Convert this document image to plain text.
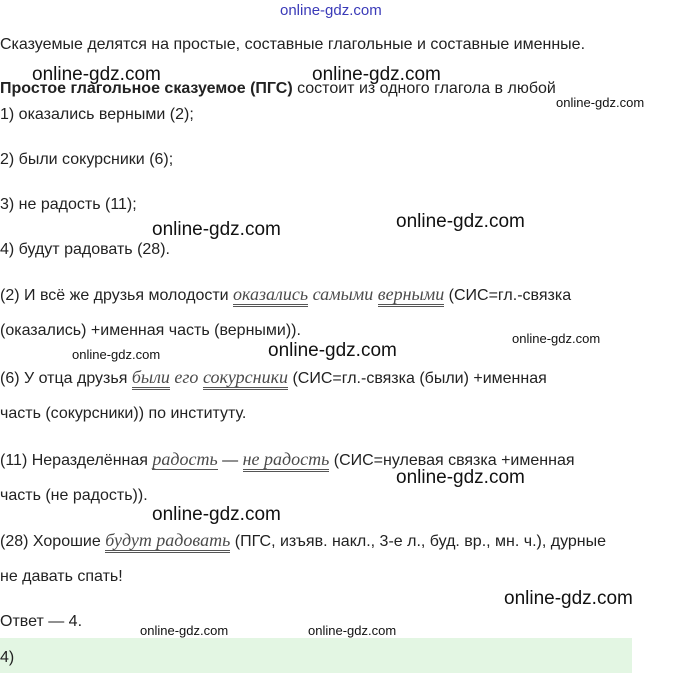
online-gdz.com
Сказуемые делятся на простые, составные глагольные и составные именные.
Простое глагольное сказуемое (ПГС) состоит из одного глагола в любой
1) оказались верными (2);
2) были сокурсники (6);
3) не радость (11);
4) будут радовать (28).
(2) И всё же друзья молодости оказались самыми верными (СИС=гл.-связка
(оказались) +именная часть (верными)).
(6) У отца друзья были его сокурсники (СИС=гл.-связка (были) +именная
часть (сокурсники)) по институту.
(11) Неразделённая радость — не радость (СИС=нулевая связка +именная
часть (не радость)).
(28) Хорошие будут радовать (ПГС, изъяв. накл., 3-е л., буд. вр., мн. ч.), дурные
не давать спать!
Ответ — 4.
4)
online-gdz.com	online-gdz.com
online-gdz.com
online-gdz.com
online-gdz.com
online-gdz.com
online-gdz.com
online-gdz.com
online-gdz.com
online-gdz.com
online-gdz.com
online-gdz.com	online-gdz.com
